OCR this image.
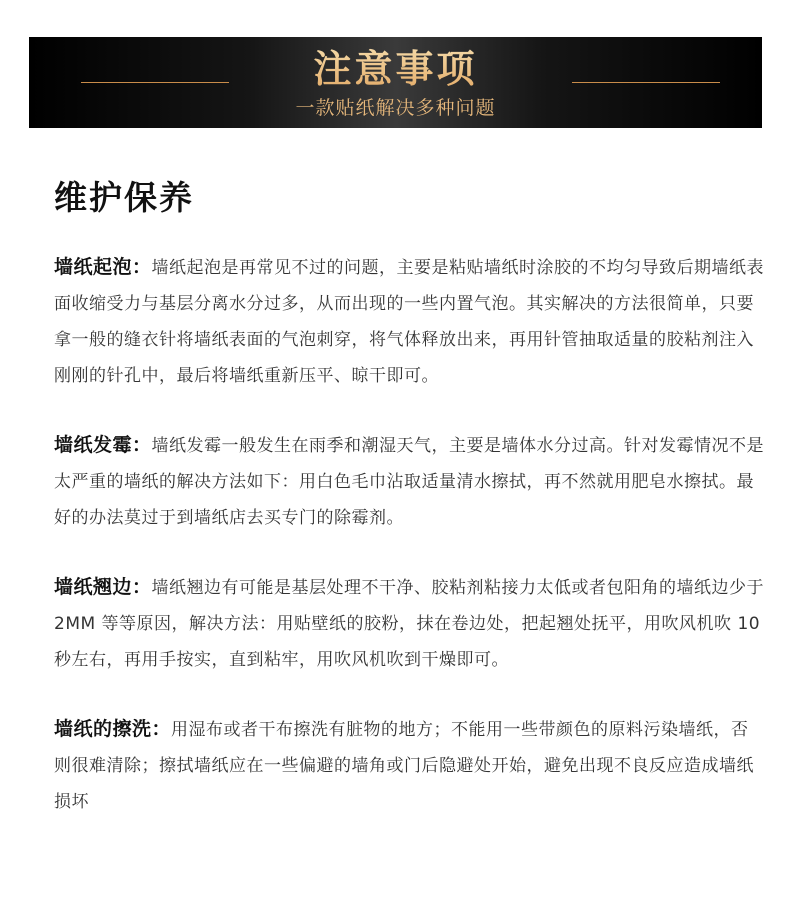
注意事项
一款贴纸解决多种问题
维护保养

墙纸起泡：墙纸起泡是再常见不过的问题，主要是粘贴墙纸时涂胶的不均匀导致后期墙纸表面收缩受力与基层分离水分过多，从而出现的一些内置气泡。其实解决的方法很简单，只要拿一般的缝衣针将墙纸表面的气泡刺穿，将气体释放出来，再用针管抽取适量的胶粘剂注入刚刚的针孔中，最后将墙纸重新压平、晾干即可。

墙纸发霉：墙纸发霉一般发生在雨季和潮湿天气，主要是墙体水分过高。针对发霉情况不是太严重的墙纸的解决方法如下：用白色毛巾沾取适量清水擦拭，再不然就用肥皂水擦拭。最好的办法莫过于到墙纸店去买专门的除霉剂。

墙纸翘边：墙纸翘边有可能是基层处理不干净、胶粘剂粘接力太低或者包阳角的墙纸边少于 2MM 等等原因，解决方法：用贴壁纸的胶粉，抹在卷边处，把起翘处抚平，用吹风机吹 10 秒左右，再用手按实，直到粘牢，用吹风机吹到干燥即可。

墙纸的擦洗：用湿布或者干布擦洗有脏物的地方；不能用一些带颜色的原料污染墙纸，否则很难清除；擦拭墙纸应在一些偏避的墙角或门后隐避处开始，避免出现不良反应造成墙纸损坏
